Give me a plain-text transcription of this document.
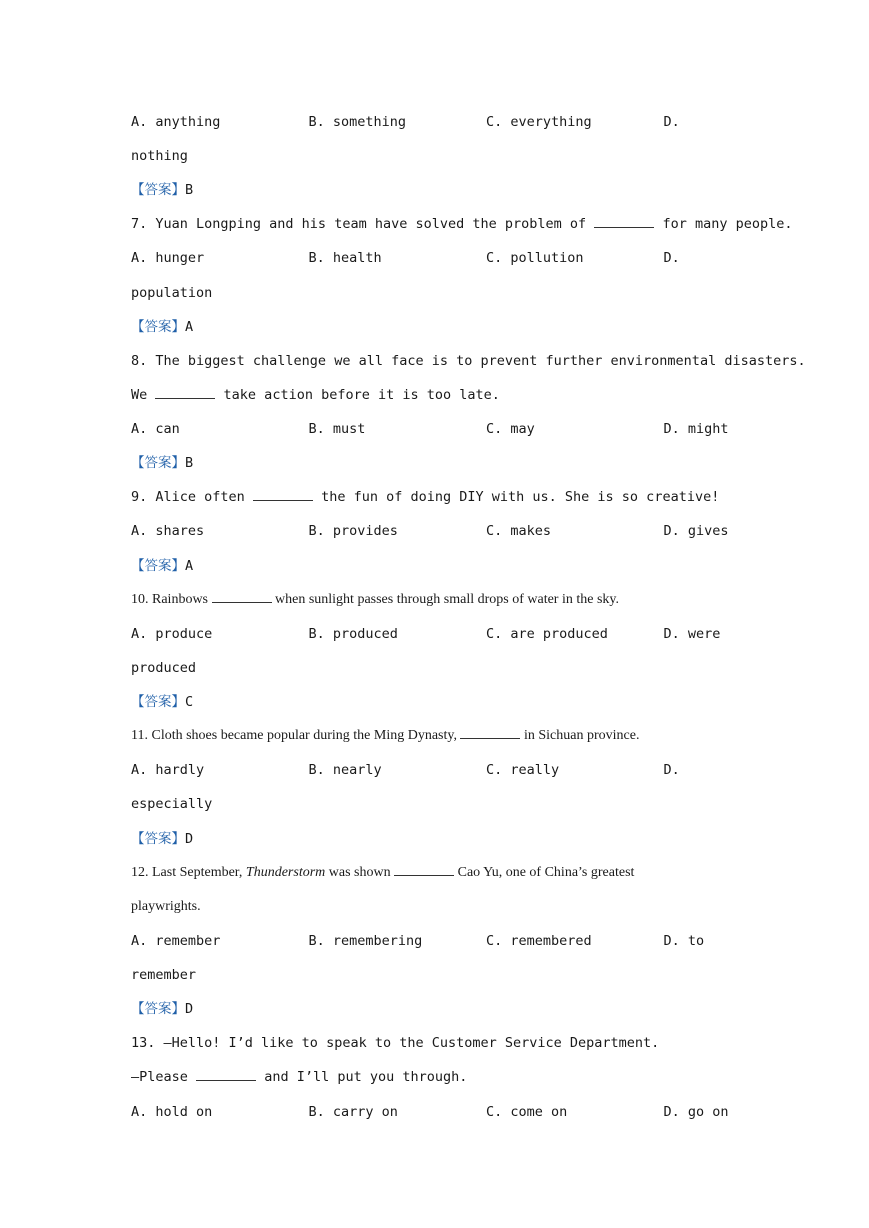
A. anything	B. something	C. everything	D.
nothing
【答案】B
7. Yuan Longping and his team have solved the problem of	for many people.
A. hunger	B. health	C. pollution	D.
population
【答案】A
8. The biggest challenge we all face is to prevent further environmental disasters.
We	take action before it is too late.
A. can	B. must	C. may	D. might
【答案】B
9. Alice often	the fun of doing DIY with us. She is so creative!
A. shares	B. provides	C. makes	D. gives
【答案】A
10. Rainbows	when sunlight passes through small drops of water in the sky.
A. produce	B. produced	C. are produced	D. were
produced
【答案】C
11. Cloth shoes became popular during the Ming Dynasty,	in Sichuan province.
A. hardly	B. nearly	C. really	D.
especially
【答案】D
12. Last September, Thunderstorm was shown	Cao Yu, one of China’s greatest
playwrights.
A. remember	B. remembering	C. remembered	D. to
remember
【答案】D
13. —Hello! I’d like to speak to the Customer Service Department.
—Please	and I’ll put you through.
A. hold on	B. carry on	C. come on	D. go on
